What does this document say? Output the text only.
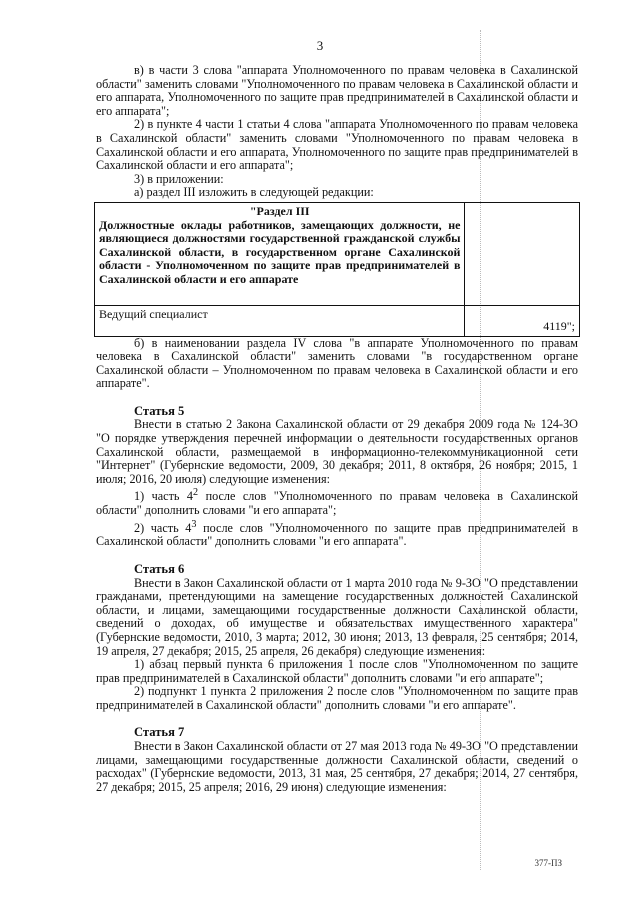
3

в) в части 3 слова "аппарата Уполномоченного по правам человека в Сахалинской области" заменить словами "Уполномоченного по правам человека в Сахалинской области и его аппарата, Уполномоченного по защите прав предпринимателей в Сахалинской области и его аппарата";

2) в пункте 4 части 1 статьи 4 слова "аппарата Уполномоченного по правам человека в Сахалинской области" заменить словами "Уполномоченного по правам человека в Сахалинской области и его аппарата, Уполномоченного по защите прав предпринимателей в Сахалинской области и его аппарата";

3) в приложении:

а) раздел III изложить в следующей редакции:

"Раздел III
Должностные оклады работников, замещающих должности, не являющиеся должностями государственной гражданской службы Сахалинской области, в государственном органе Сахалинской области - Уполномоченном по защите прав предпринимателей в Сахалинской области и его аппарате	

Ведущий специалист	4119";

б) в наименовании раздела IV слова "в аппарате Уполномоченного по правам человека в Сахалинской области" заменить словами "в государственном органе Сахалинской области – Уполномоченном по правам человека в Сахалинской области и его аппарате".

Статья 5

Внести в статью 2 Закона Сахалинской области от 29 декабря 2009 года № 124-ЗО "О порядке утверждения перечней информации о деятельности государственных органов Сахалинской области, размещаемой в информационно-телекоммуникационной сети "Интернет" (Губернские ведомости, 2009, 30 декабря; 2011, 8 октября, 26 ноября; 2015, 1 июля; 2016, 20 июля) следующие изменения:

1) часть $4^2$ после слов "Уполномоченного по правам человека в Сахалинской области" дополнить словами "и его аппарата";

2) часть $4^3$ после слов "Уполномоченного по защите прав предпринимателей в Сахалинской области" дополнить словами "и его аппарата".

Статья 6

Внести в Закон Сахалинской области от 1 марта 2010 года № 9-ЗО "О представлении гражданами, претендующими на замещение государственных должностей Сахалинской области, и лицами, замещающими государственные должности Сахалинской области, сведений о доходах, об имуществе и обязательствах имущественного характера" (Губернские ведомости, 2010, 3 марта; 2012, 30 июня; 2013, 13 февраля, 25 сентября; 2014, 19 апреля, 27 декабря; 2015, 25 апреля, 26 декабря) следующие изменения:

1) абзац первый пункта 6 приложения 1 после слов "Уполномоченном по защите прав предпринимателей в Сахалинской области" дополнить словами "и его аппарате";

2) подпункт 1 пункта 2 приложения 2 после слов "Уполномоченном по защите прав предпринимателей в Сахалинской области" дополнить словами "и его аппарате".

Статья 7

Внести в Закон Сахалинской области от 27 мая 2013 года № 49-ЗО "О представлении лицами, замещающими государственные должности Сахалинской области, сведений о расходах" (Губернские ведомости, 2013, 31 мая, 25 сентября, 27 декабря; 2014, 27 сентября, 27 декабря; 2015, 25 апреля; 2016, 29 июня) следующие изменения:

377-ПЗ
